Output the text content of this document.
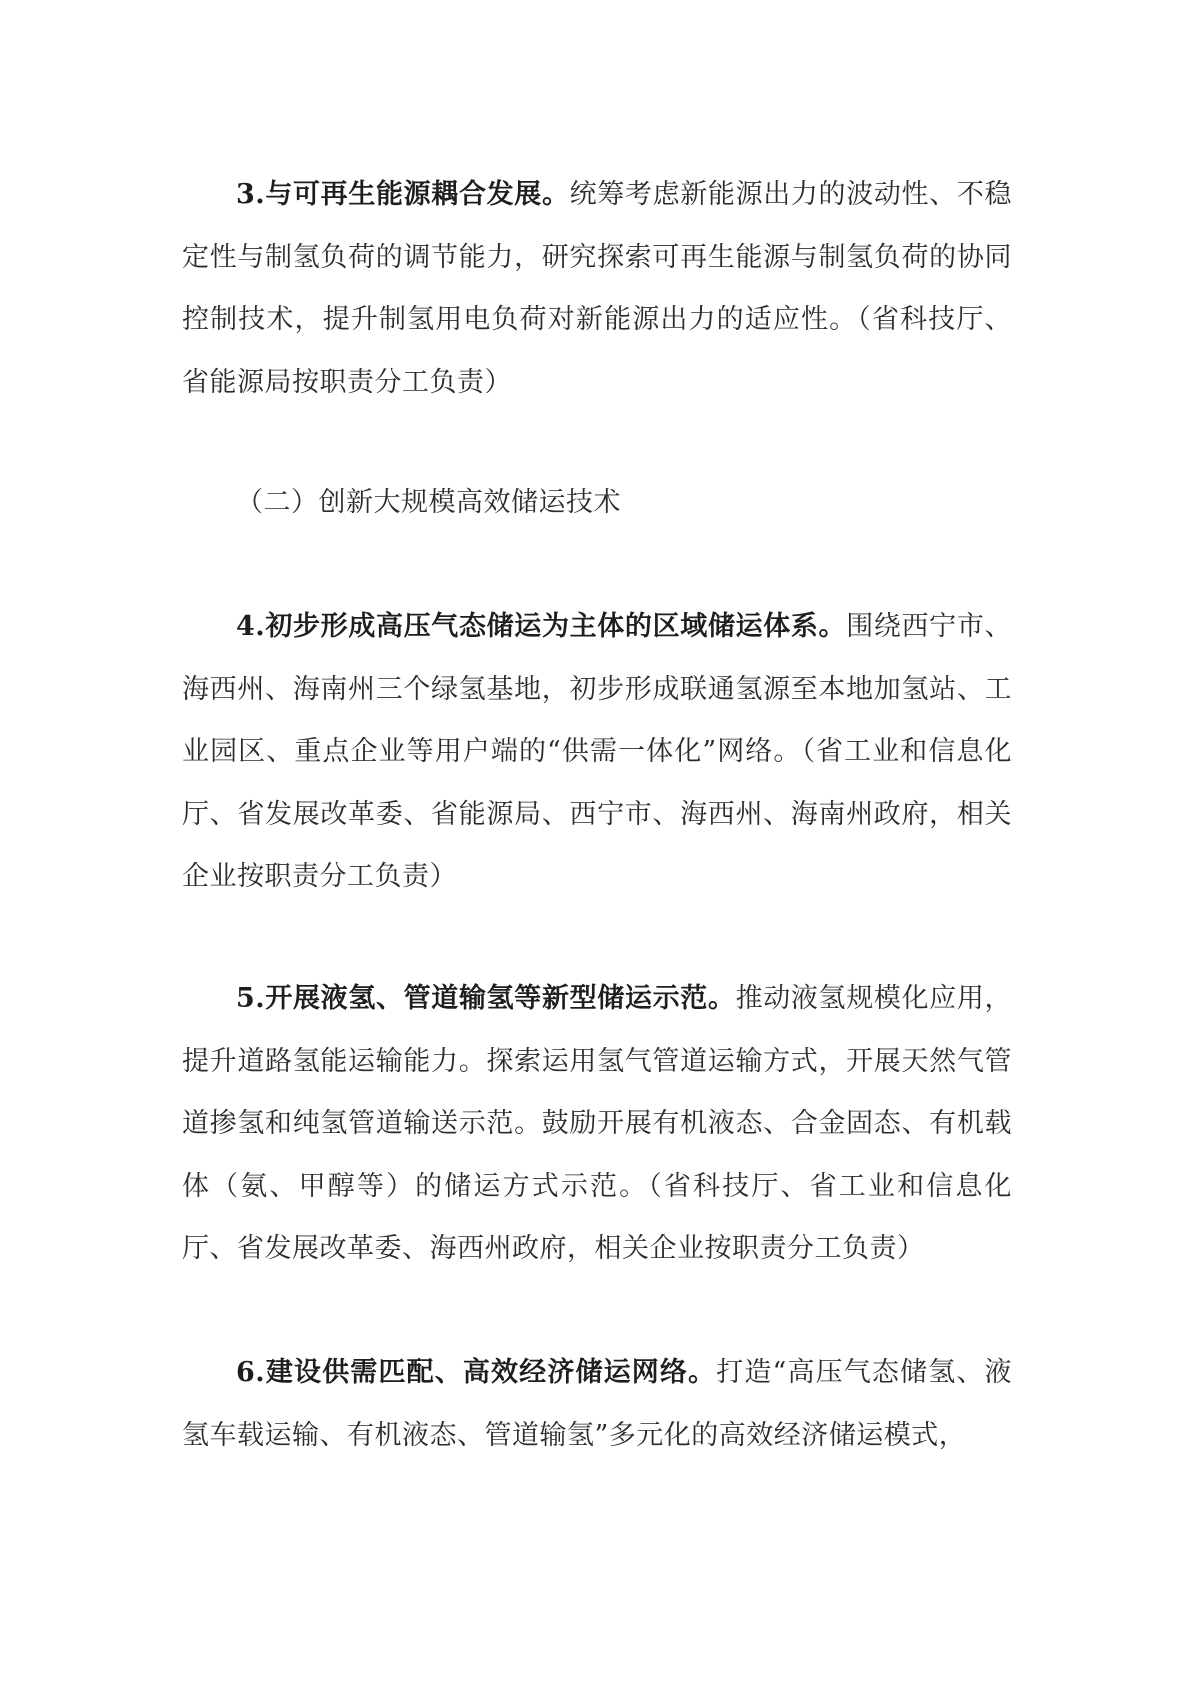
3.与可再生能源耦合发展。统筹考虑新能源出力的波动性、不稳定性与制氢负荷的调节能力，研究探索可再生能源与制氢负荷的协同控制技术，提升制氢用电负荷对新能源出力的适应性。（省科技厅、省能源局按职责分工负责）

（二）创新大规模高效储运技术

4.初步形成高压气态储运为主体的区域储运体系。围绕西宁市、海西州、海南州三个绿氢基地，初步形成联通氢源至本地加氢站、工业园区、重点企业等用户端的“供需一体化”网络。（省工业和信息化厅、省发展改革委、省能源局、西宁市、海西州、海南州政府，相关企业按职责分工负责）

5.开展液氢、管道输氢等新型储运示范。推动液氢规模化应用，提升道路氢能运输能力。探索运用氢气管道运输方式，开展天然气管道掺氢和纯氢管道输送示范。鼓励开展有机液态、合金固态、有机载体（氨、甲醇等）的储运方式示范。（省科技厅、省工业和信息化厅、省发展改革委、海西州政府，相关企业按职责分工负责）

6.建设供需匹配、高效经济储运网络。打造“高压气态储氢、液氢车载运输、有机液态、管道输氢”多元化的高效经济储运模式，
